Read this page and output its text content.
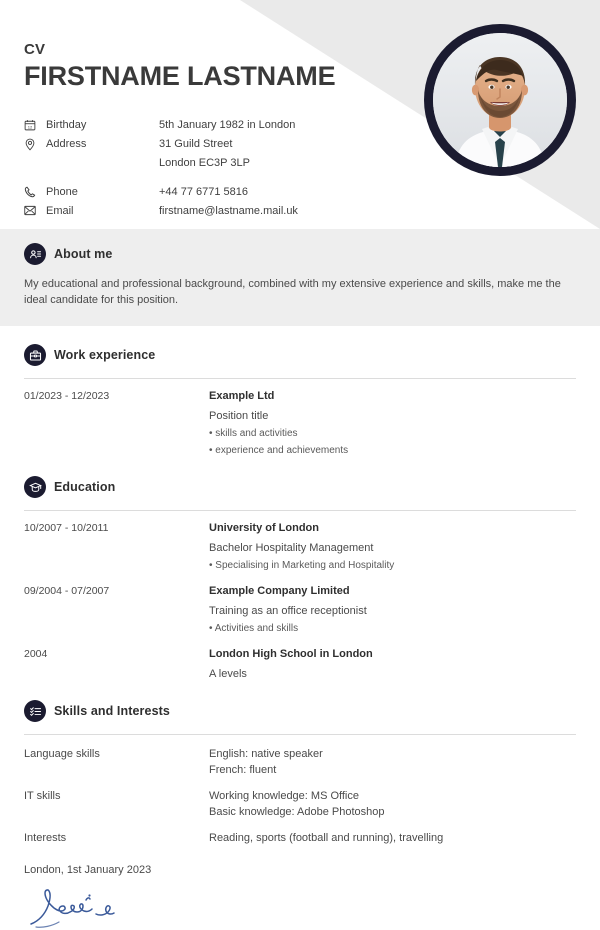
CV
FIRSTNAME LASTNAME
12	Birthday	5th January 1982 in London

	Address	31 Guild Street
London EC3P 3LP

	Phone	+44 77 6771 5816

	Email	firstname@lastname.mail.uk
About me
My educational and professional background, combined with my extensive experience and skills, make me the ideal candidate for this position.
Work experience
01/2023 - 12/2023	Example Ltd
Position title
• skills and activities
• experience and achievements
Education
10/2007 - 10/2011	University of London
Bachelor Hospitality Management
• Specialising in Marketing and Hospitality

09/2004 - 07/2007	Example Company Limited
Training as an office receptionist
• Activities and skills

2004	London High School in London
A levels
Skills and Interests
Language skills	English: native speaker
French: fluent

IT skills	Working knowledge: MS Office
Basic knowledge: Adobe Photoshop

Interests	Reading, sports (football and running), travelling
London, 1st January 2023
